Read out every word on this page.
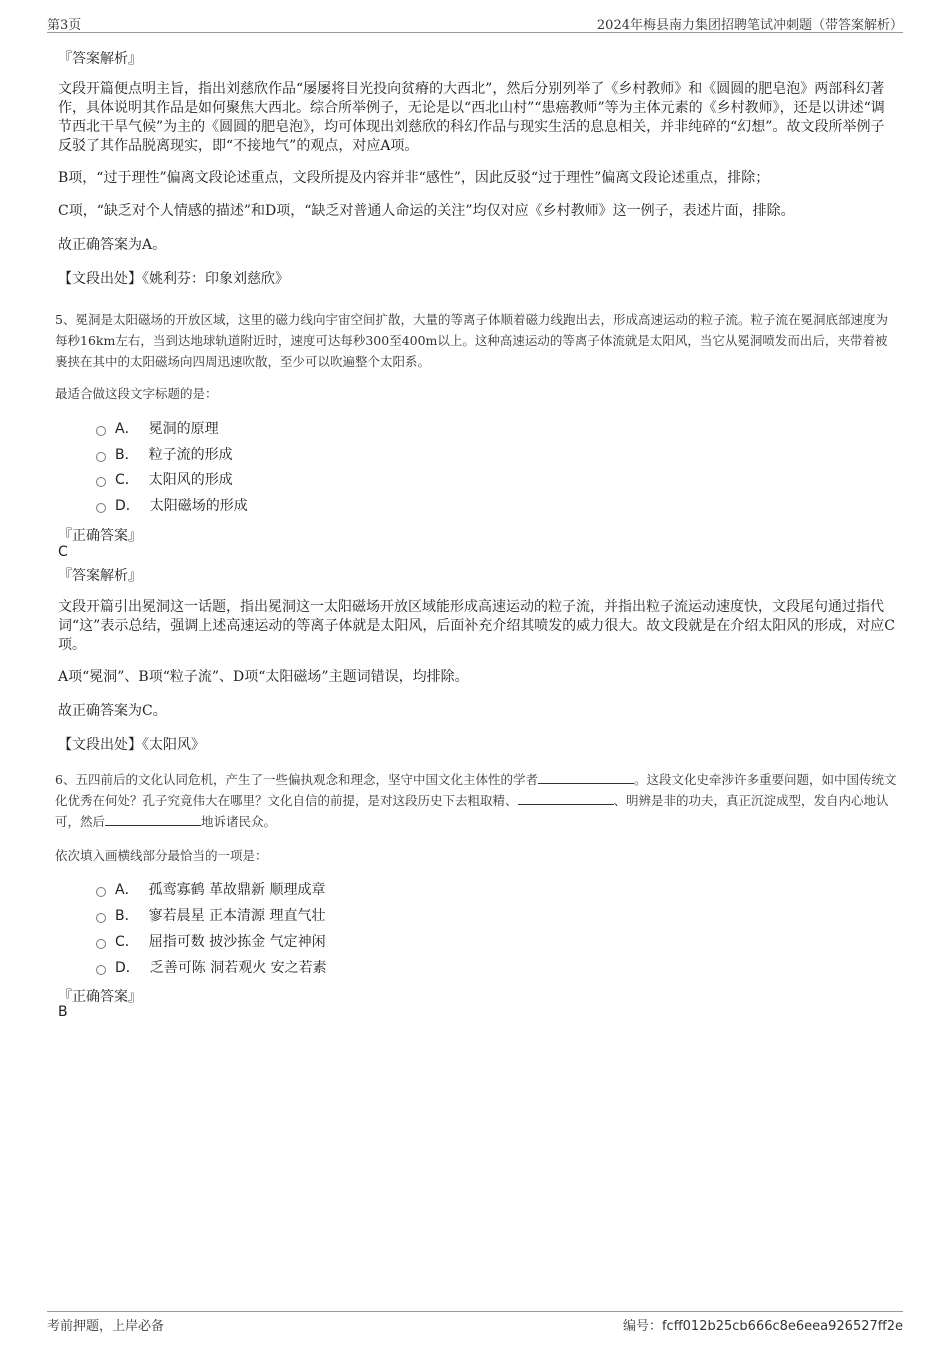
第3页	2024年梅县南力集团招聘笔试冲刺题（带答案解析）
『答案解析』

文段开篇便点明主旨，指出刘慈欣作品“屡屡将目光投向贫瘠的大西北”，然后分别列举了《乡村教师》和《圆圆的肥皂泡》两部科幻著作，具体说明其作品是如何聚焦大西北。综合所举例子，无论是以“西北山村”“患癌教师”等为主体元素的《乡村教师》，还是以讲述“调节西北干旱气候”为主的《圆圆的肥皂泡》，均可体现出刘慈欣的科幻作品与现实生活的息息相关，并非纯碎的“幻想”。故文段所举例子反驳了其作品脱离现实，即“不接地气”的观点，对应A项。

B项，“过于理性”偏离文段论述重点，文段所提及内容并非“感性”，因此反驳“过于理性”偏离文段论述重点，排除；

C项，“缺乏对个人情感的描述”和D项，“缺乏对普通人命运的关注”均仅对应《乡村教师》这一例子，表述片面，排除。

故正确答案为A。

【文段出处】《姚利芬：印象刘慈欣》

5、冕洞是太阳磁场的开放区域，这里的磁力线向宇宙空间扩散，大量的等离子体顺着磁力线跑出去，形成高速运动的粒子流。粒子流在冕洞底部速度为每秒16km左右，当到达地球轨道附近时，速度可达每秒300至400m以上。这种高速运动的等离子体流就是太阳风，当它从冕洞喷发而出后，夹带着被裹挟在其中的太阳磁场向四周迅速吹散，至少可以吹遍整个太阳系。

最适合做这段文字标题的是：
A． 冕洞的原理
B． 粒子流的形成
C． 太阳风的形成
D． 太阳磁场的形成
『正确答案』
C
『答案解析』

文段开篇引出冕洞这一话题，指出冕洞这一太阳磁场开放区域能形成高速运动的粒子流，并指出粒子流运动速度快，文段尾句通过指代词“这”表示总结，强调上述高速运动的等离子体就是太阳风，后面补充介绍其喷发的威力很大。故文段就是在介绍太阳风的形成，对应C项。

A项“冕洞”、B项“粒子流”、D项“太阳磁场”主题词错误，均排除。

故正确答案为C。

【文段出处】《太阳风》

6、五四前后的文化认同危机，产生了一些偏执观念和理念，坚守中国文化主体性的学者	。这段文化史牵涉许多重要问题，如中国传统文化优秀在何处？孔子究竟伟大在哪里？文化自信的前提，是对这段历史下去粗取精、	、明辨是非的功夫，真正沉淀成型，发自内心地认可，然后	地诉诸民众。

依次填入画横线部分最恰当的一项是：
A． 孤鸾寡鹤 革故鼎新 顺理成章
B． 寥若晨星 正本清源 理直气壮
C． 屈指可数 披沙拣金 气定神闲
D． 乏善可陈 洞若观火 安之若素
『正确答案』
B
考前押题，上岸必备	编号：fcff012b25cb666c8e6eea926527ff2e
